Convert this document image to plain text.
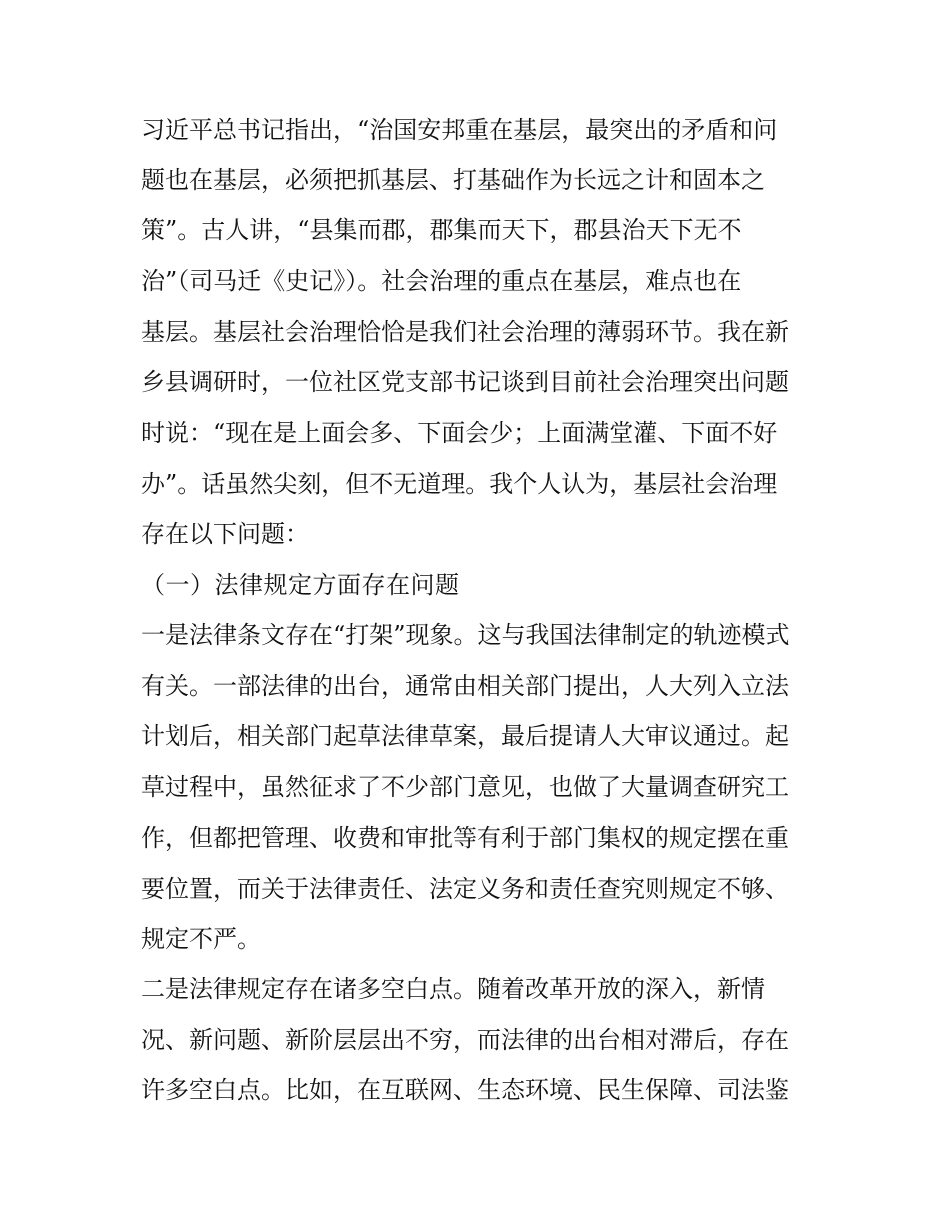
习近平总书记指出，“治国安邦重在基层，最突出的矛盾和问
题也在基层，必须把抓基层、打基础作为长远之计和固本之
策”。古人讲，“县集而郡，郡集而天下，郡县治天下无不
治”（司马迁《史记》）。社会治理的重点在基层，难点也在
基层。基层社会治理恰恰是我们社会治理的薄弱环节。我在新
乡县调研时，一位社区党支部书记谈到目前社会治理突出问题
时说：“现在是上面会多、下面会少；上面满堂灌、下面不好
办”。话虽然尖刻，但不无道理。我个人认为，基层社会治理
存在以下问题：
（一）法律规定方面存在问题
一是法律条文存在“打架”现象。这与我国法律制定的轨迹模式
有关。一部法律的出台，通常由相关部门提出，人大列入立法
计划后，相关部门起草法律草案，最后提请人大审议通过。起
草过程中，虽然征求了不少部门意见，也做了大量调查研究工
作，但都把管理、收费和审批等有利于部门集权的规定摆在重
要位置，而关于法律责任、法定义务和责任查究则规定不够、
规定不严。
二是法律规定存在诸多空白点。随着改革开放的深入，新情
况、新问题、新阶层层出不穷，而法律的出台相对滞后，存在
许多空白点。比如，在互联网、生态环境、民生保障、司法鉴
